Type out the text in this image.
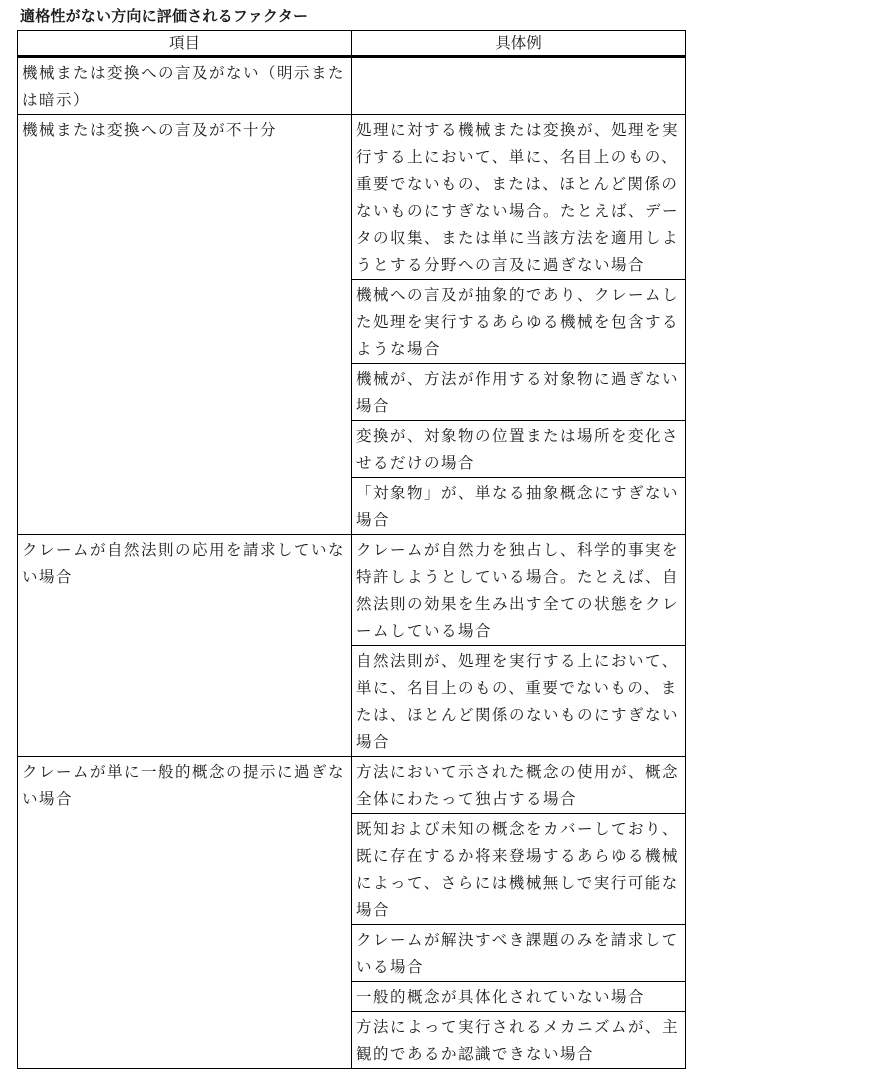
適格性がない方向に評価されるファクター
項目	具体例
機械または変換への言及がない（明示または暗示）	
機械または変換への言及が不十分	処理に対する機械または変換が、処理を実行する上において、単に、名目上のもの、重要でないもの、または、ほとんど関係のないものにすぎない場合。たとえば、データの収集、または単に当該方法を適用しようとする分野への言及に過ぎない場合
	機械への言及が抽象的であり、クレームした処理を実行するあらゆる機械を包含するような場合
	機械が、方法が作用する対象物に過ぎない場合
	変換が、対象物の位置または場所を変化させるだけの場合
	「対象物」が、単なる抽象概念にすぎない場合
クレームが自然法則の応用を請求していない場合	クレームが自然力を独占し、科学的事実を特許しようとしている場合。たとえば、自然法則の効果を生み出す全ての状態をクレームしている場合
	自然法則が、処理を実行する上において、単に、名目上のもの、重要でないもの、または、ほとんど関係のないものにすぎない場合
クレームが単に一般的概念の提示に過ぎない場合	方法において示された概念の使用が、概念全体にわたって独占する場合
	既知および未知の概念をカバーしており、既に存在するか将来登場するあらゆる機械によって、さらには機械無しで実行可能な場合
	クレームが解決すべき課題のみを請求している場合
	一般的概念が具体化されていない場合
	方法によって実行されるメカニズムが、主観的であるか認識できない場合
